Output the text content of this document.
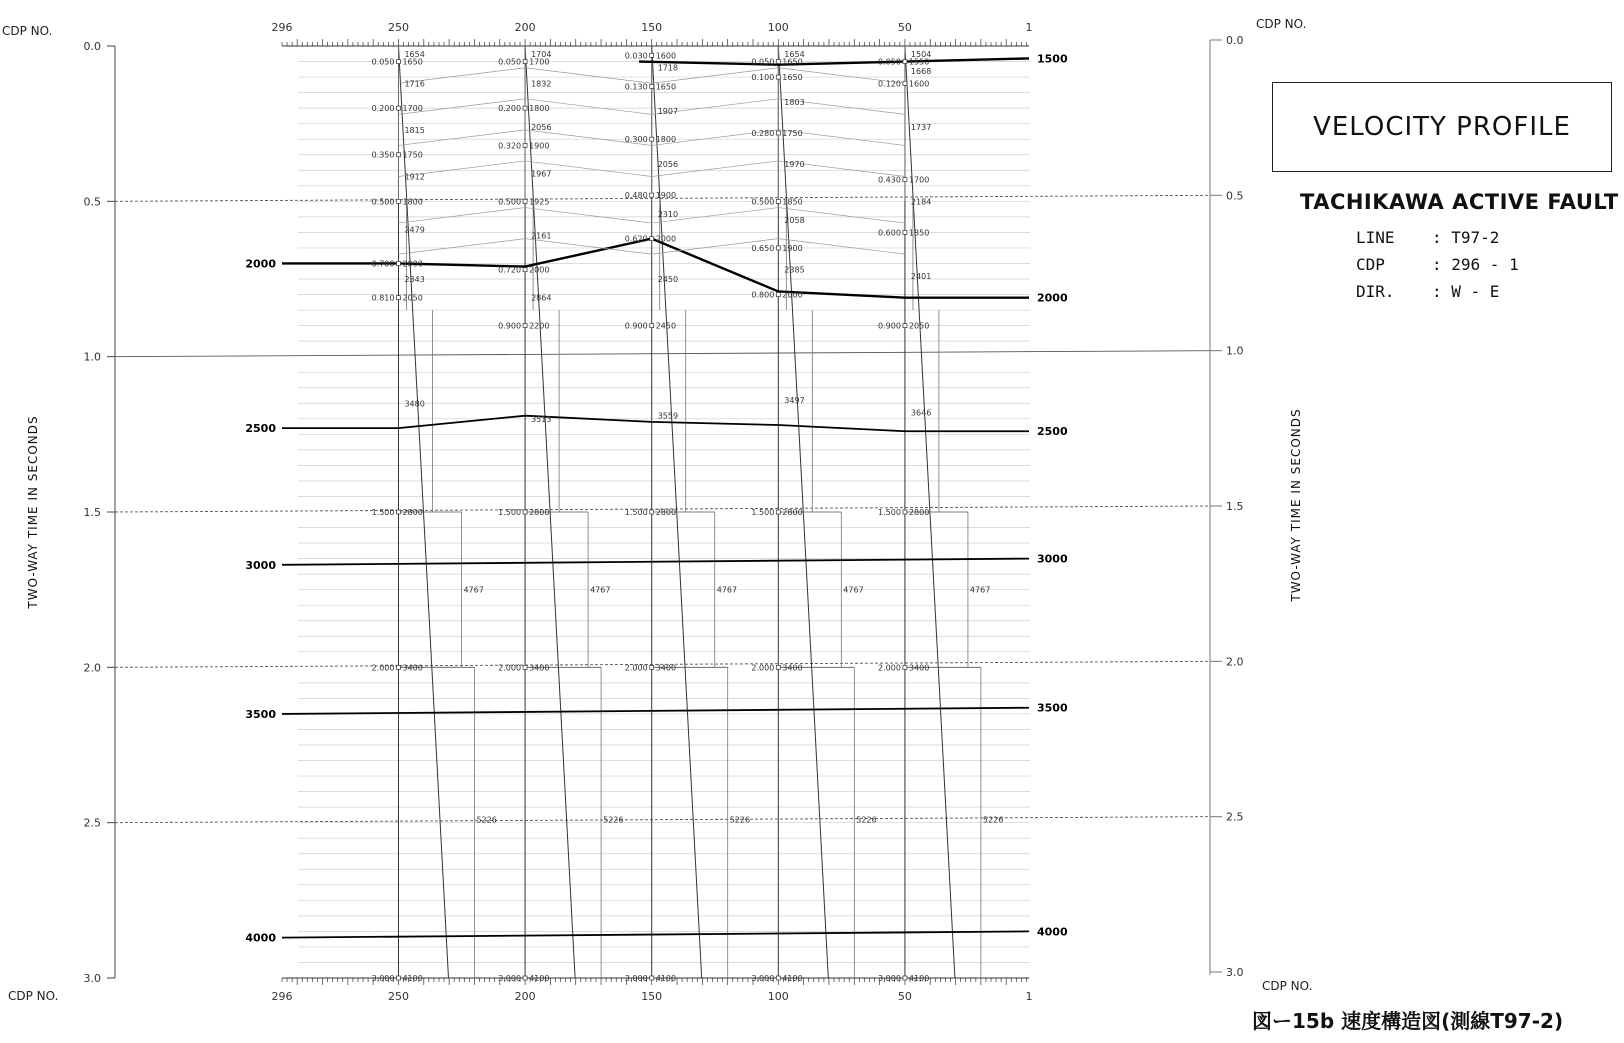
1500
2000
2000
2500	2500
3000	3000
3500	3500
4000	4000
0.050 1650
0.200 1700
0.350 1750
0.500 1800
0.700 2000
0.810 2050
1.500 2800
2.000 3400
3.000 4100
0.050 1700
0.200 1800
0.320 1900
0.500 1925
0.720 2000
0.900 2200
1.500 2800
2.000 3400
3.000 4100
0.030 1600
0.130 1650
0.300 1800
0.480 1900
0.620 2000
0.900 2450
1.500 2800
2.000 3400
3.000 4100
0.050 1650
0.100 1650
0.280 1750
0.500 1850
0.650 1900
0.800 2000
1.500 2800
2.000 3400
3.000 4100
0.050 1550
0.120 1600
0.430 1700
0.600 1850
0.900 2050
1.500 2800
2.000 3400
3.000 4100
1654
1716
1815
1912
2479
2343
3480
1704
1832
2056
1967
2161
2864
3513
1718
1907
2056
2310
2450
3559
1654
1803
1970
2058
2385
3497
1504
1668
1737
2184
2401
3646
4767
5226
4767
5226
4767
5226
4767
5226
4767
5226
0.0	0.0
0.5	0.5
1.0	1.0
1.5	1.5
2.0	2.0
2.5	2.5
3.0	3.0
296
296
250
250
200
200
150
150
100
100
50
50
1
1
CDP NO.	CDP NO.
CDP NO.
CDP NO.
TWO-WAY TIME IN SECONDS	TWO-WAY TIME IN SECONDS
VELOCITY PROFILE
TACHIKAWA ACTIVE FAULT
LINE	: T97-2
CDP	: 296 - 1
DIR.	: W - E
図ー15b 速度構造図(測線T97-2)
